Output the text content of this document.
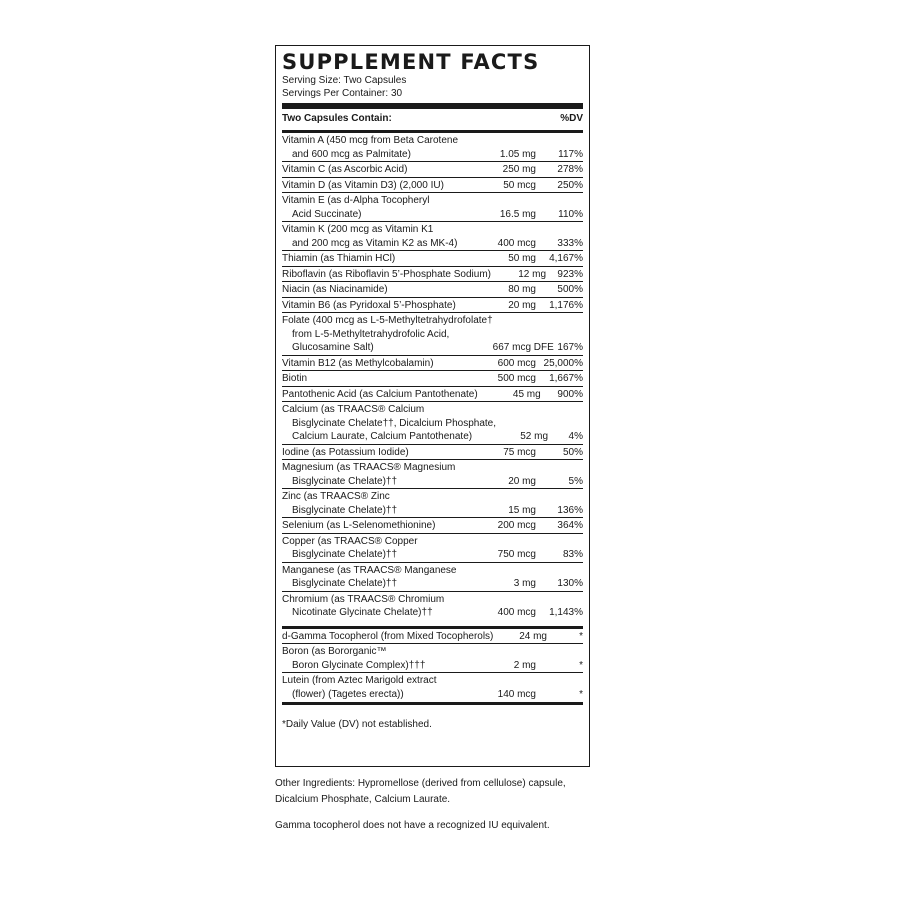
SUPPLEMENT FACTS
Serving Size: Two Capsules
Servings Per Container: 30
Two Capsules Contain:	%DV
Vitamin A (450 mcg from Beta Carotene
and 600 mcg as Palmitate)	1.05 mg	117%
Vitamin C (as Ascorbic Acid)	250 mg	278%
Vitamin D (as Vitamin D3) (2,000 IU)	50 mcg	250%
Vitamin E (as d-Alpha Tocopheryl
Acid Succinate)	16.5 mg	110%
Vitamin K (200 mcg as Vitamin K1
and 200 mcg as Vitamin K2 as MK-4)	400 mcg	333%
Thiamin (as Thiamin HCl)	50 mg	4,167%
Riboflavin (as Riboflavin 5’-Phosphate Sodium)	12 mg	923%
Niacin (as Niacinamide)	80 mg	500%
Vitamin B6 (as Pyridoxal 5’-Phosphate)	20 mg	1,176%
Folate (400 mcg as L-5-Methyltetrahydrofolate†
from L-5-Methyltetrahydrofolic Acid,
Glucosamine Salt)	667 mcg DFE 167%
Vitamin B12 (as Methylcobalamin)	600 mcg 25,000%
Biotin	500 mcg	1,667%
Pantothenic Acid (as Calcium Pantothenate)	45 mg	900%
Calcium (as TRAACS® Calcium
Bisglycinate Chelate††, Dicalcium Phosphate,
Calcium Laurate, Calcium Pantothenate)	52 mg	4%
Iodine (as Potassium Iodide)	75 mcg	50%
Magnesium (as TRAACS® Magnesium
Bisglycinate Chelate)††	20 mg	5%
Zinc (as TRAACS® Zinc
Bisglycinate Chelate)††	15 mg	136%
Selenium (as L-Selenomethionine)	200 mcg	364%
Copper (as TRAACS® Copper
Bisglycinate Chelate)††	750 mcg	83%
Manganese (as TRAACS® Manganese
Bisglycinate Chelate)††	3 mg	130%
Chromium (as TRAACS® Chromium
Nicotinate Glycinate Chelate)††	400 mcg	1,143%
d-Gamma Tocopherol (from Mixed Tocopherols)	24 mg	*
Boron (as Bororganic™
Boron Glycinate Complex)†††	2 mg	*
Lutein (from Aztec Marigold extract
(flower) (Tagetes erecta))	140 mcg	*
*Daily Value (DV) not established.
Other Ingredients: Hypromellose (derived from cellulose) capsule, Dicalcium Phosphate, Calcium Laurate.
Gamma tocopherol does not have a recognized IU equivalent.
